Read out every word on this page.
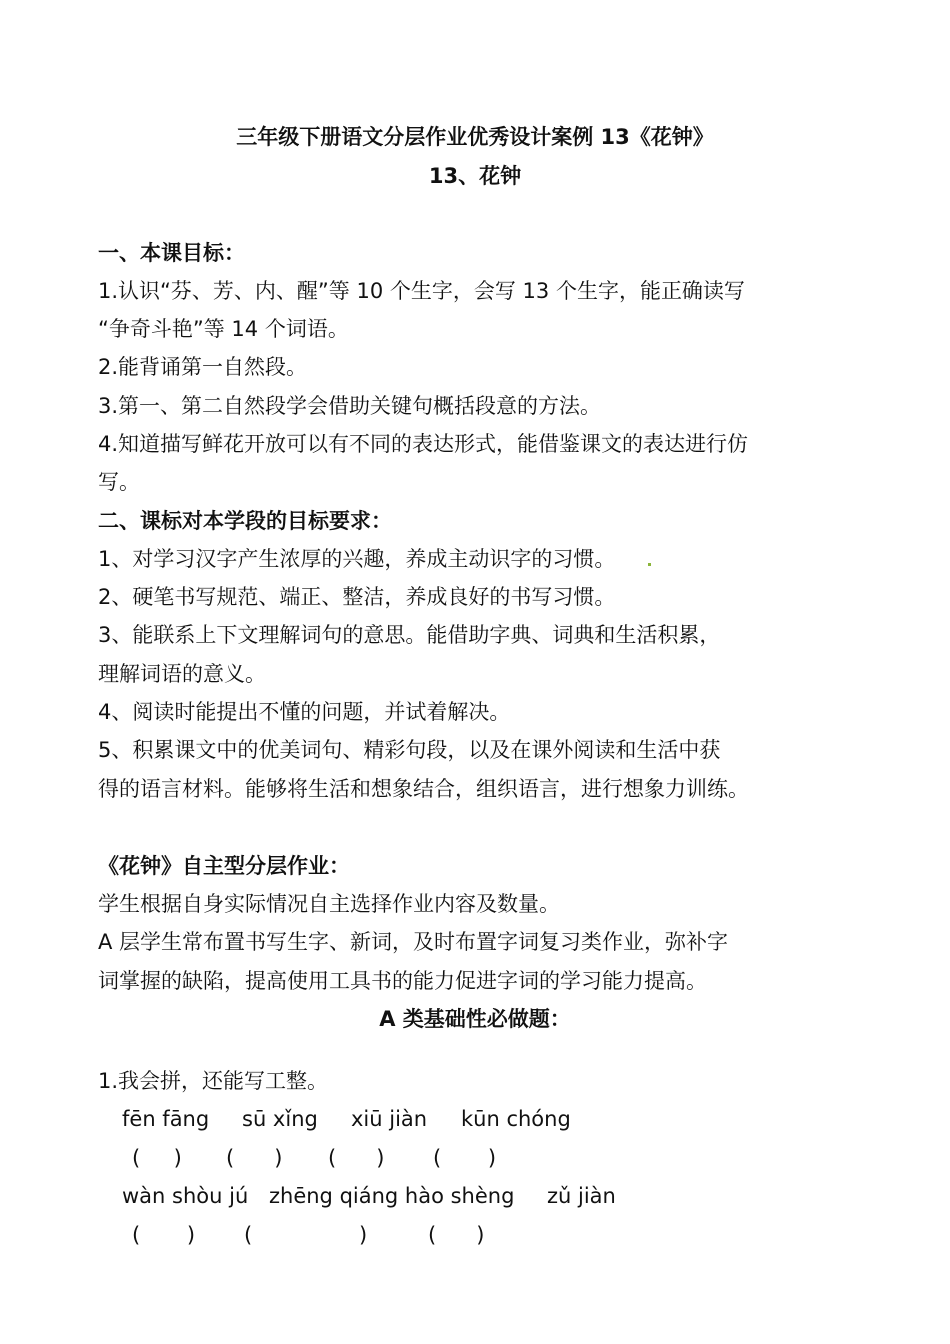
三年级下册语文分层作业优秀设计案例 13《花钟》
13、花钟
一、本课目标：
1.认识“芬、芳、内、醒”等 10 个生字，会写 13 个生字，能正确读写
“争奇斗艳”等 14 个词语。
2.能背诵第一自然段。
3.第一、第二自然段学会借助关键句概括段意的方法。
4.知道描写鲜花开放可以有不同的表达形式，能借鉴课文的表达进行仿
写。
二、课标对本学段的目标要求：
1、对学习汉字产生浓厚的兴趣，养成主动识字的习惯。
2、硬笔书写规范、端正、整洁，养成良好的书写习惯。
3、能联系上下文理解词句的意思。能借助字典、词典和生活积累，
理解词语的意义。
4、阅读时能提出不懂的问题，并试着解决。
5、积累课文中的优美词句、精彩句段，以及在课外阅读和生活中获
得的语言材料。能够将生活和想象结合，组织语言，进行想象力训练。
《花钟》自主型分层作业：
学生根据自身实际情况自主选择作业内容及数量。
A 层学生常布置书写生字、新词，及时布置字词复习类作业，弥补字
词掌握的缺陷，提高使用工具书的能力促进字词的学习能力提高。
A 类基础性必做题：
1.我会拼，还能写工整。
fēn fāng sū xǐng xiū jiàn kūn chóng
(     ) (      ) (      ) (       )
wàn shòu jú zhēng qiáng hào shèng zǔ jiàn
(       ) (                )	(      )
